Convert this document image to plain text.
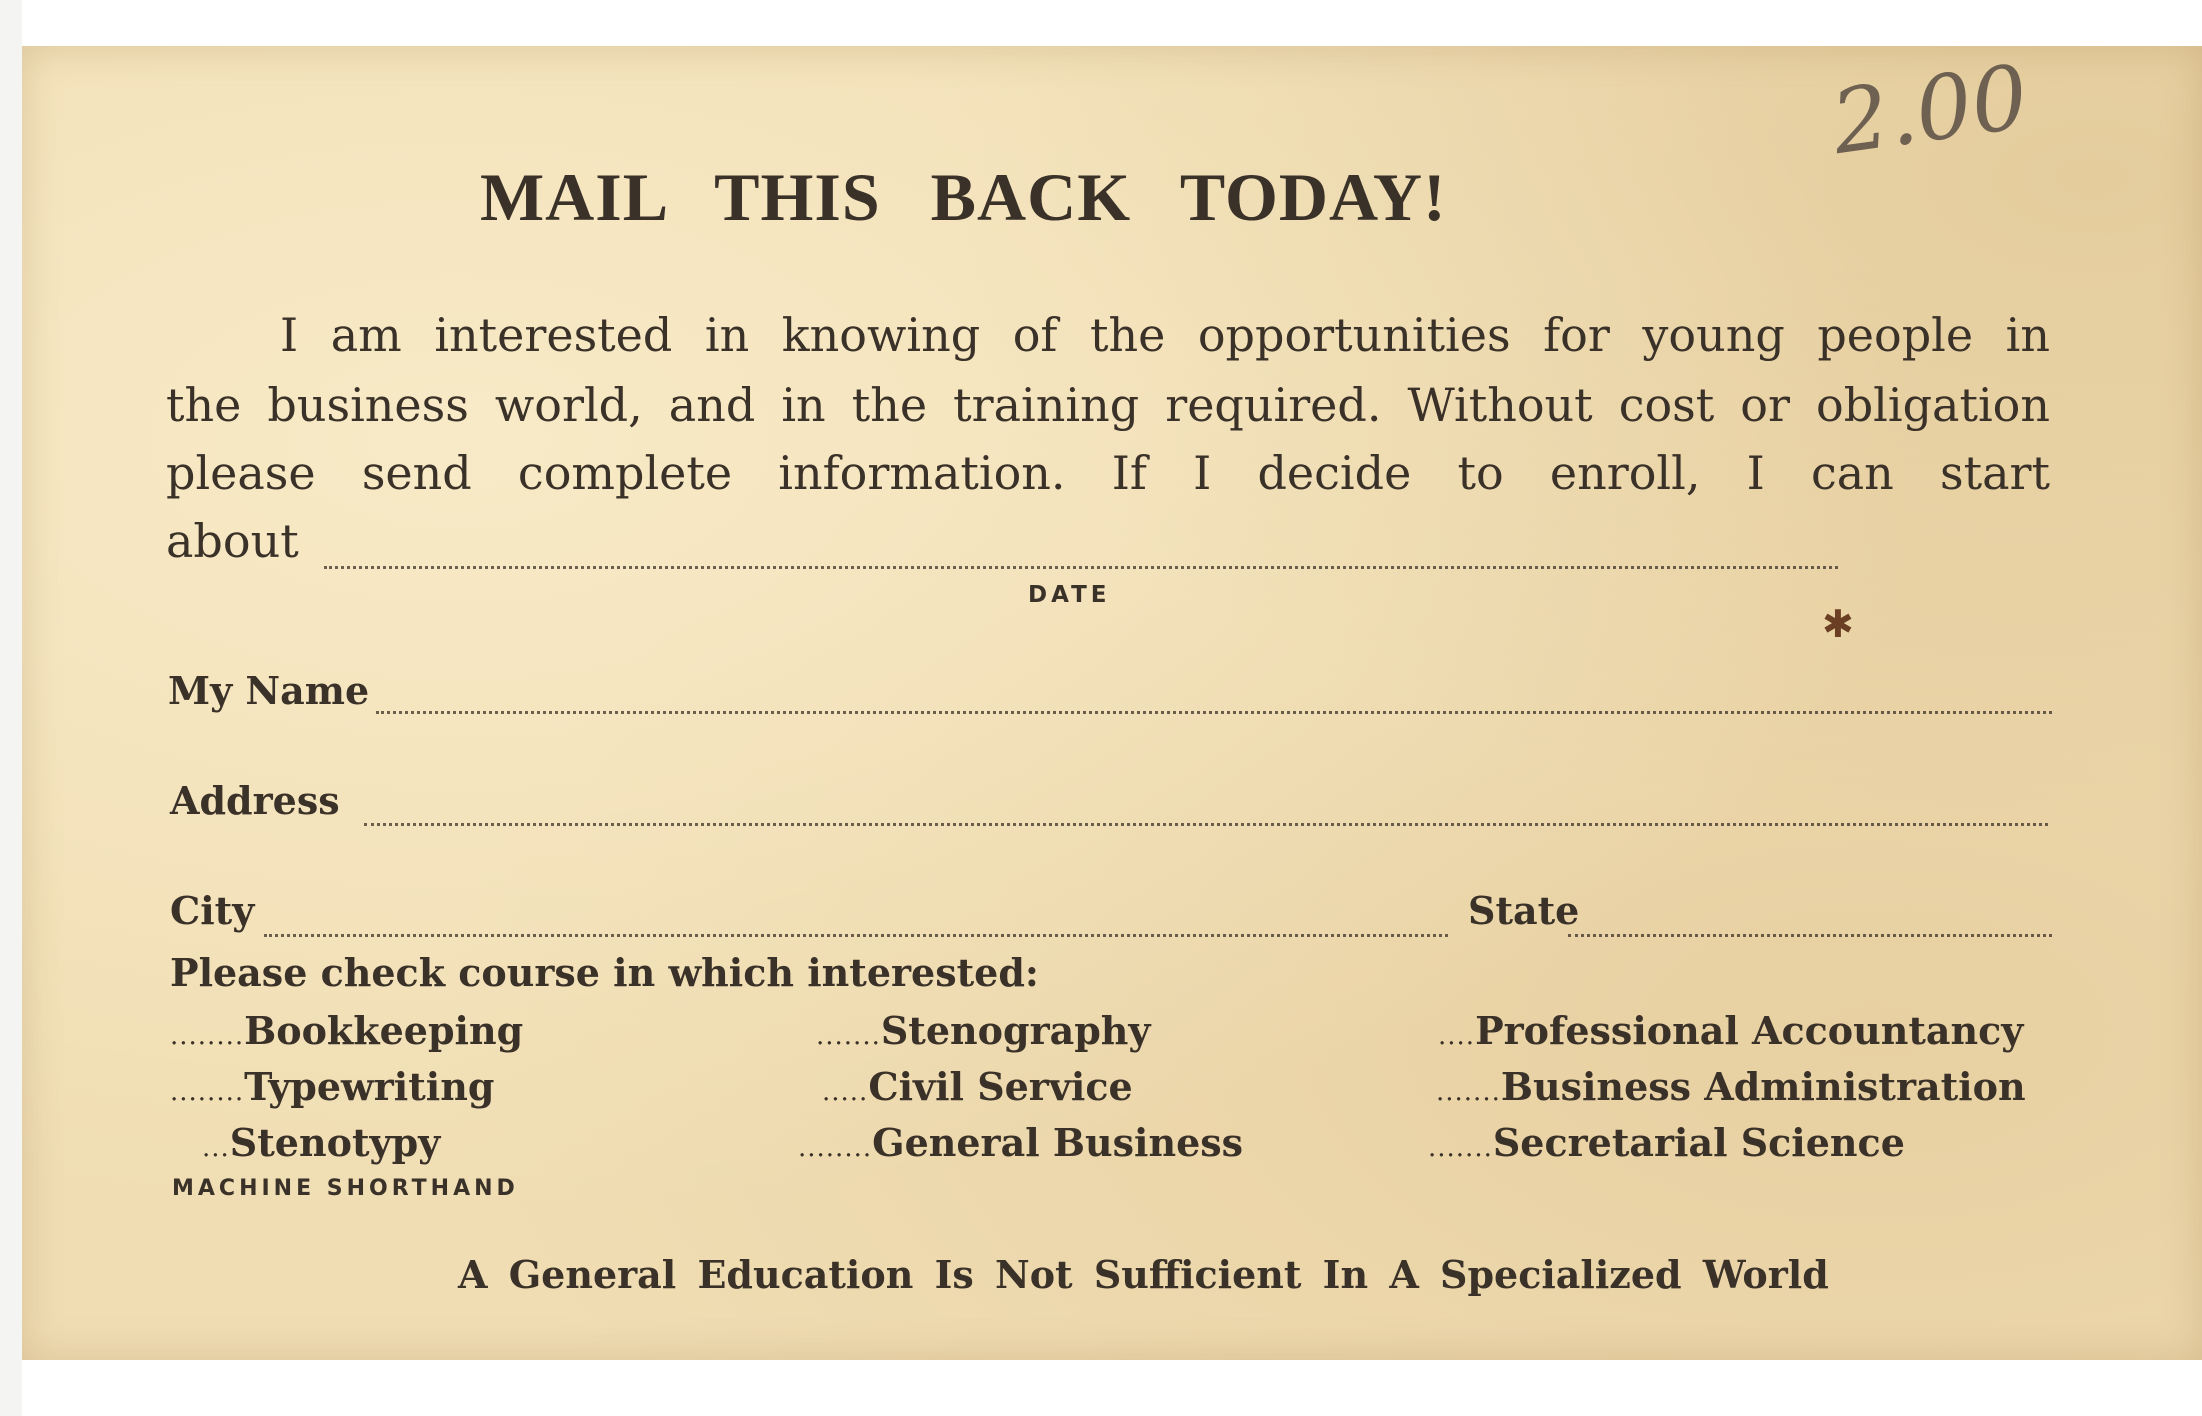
2.00
MAIL THIS BACK TODAY!
I am interested in knowing of the opportunities for young people in
the business world, and in the training required. Without cost or obligation
please send complete information. If I decide to enroll, I can start
about
✱
DATE
My Name
Address
City	State
Please check course in which interested:
........Bookkeeping
........Typewriting
...Stenotypy
MACHINE SHORTHAND
.......Stenography
.....Civil Service
........General Business
....Professional Accountancy
.......Business Administration
.......Secretarial Science
A General Education Is Not Sufficient In A Specialized World
